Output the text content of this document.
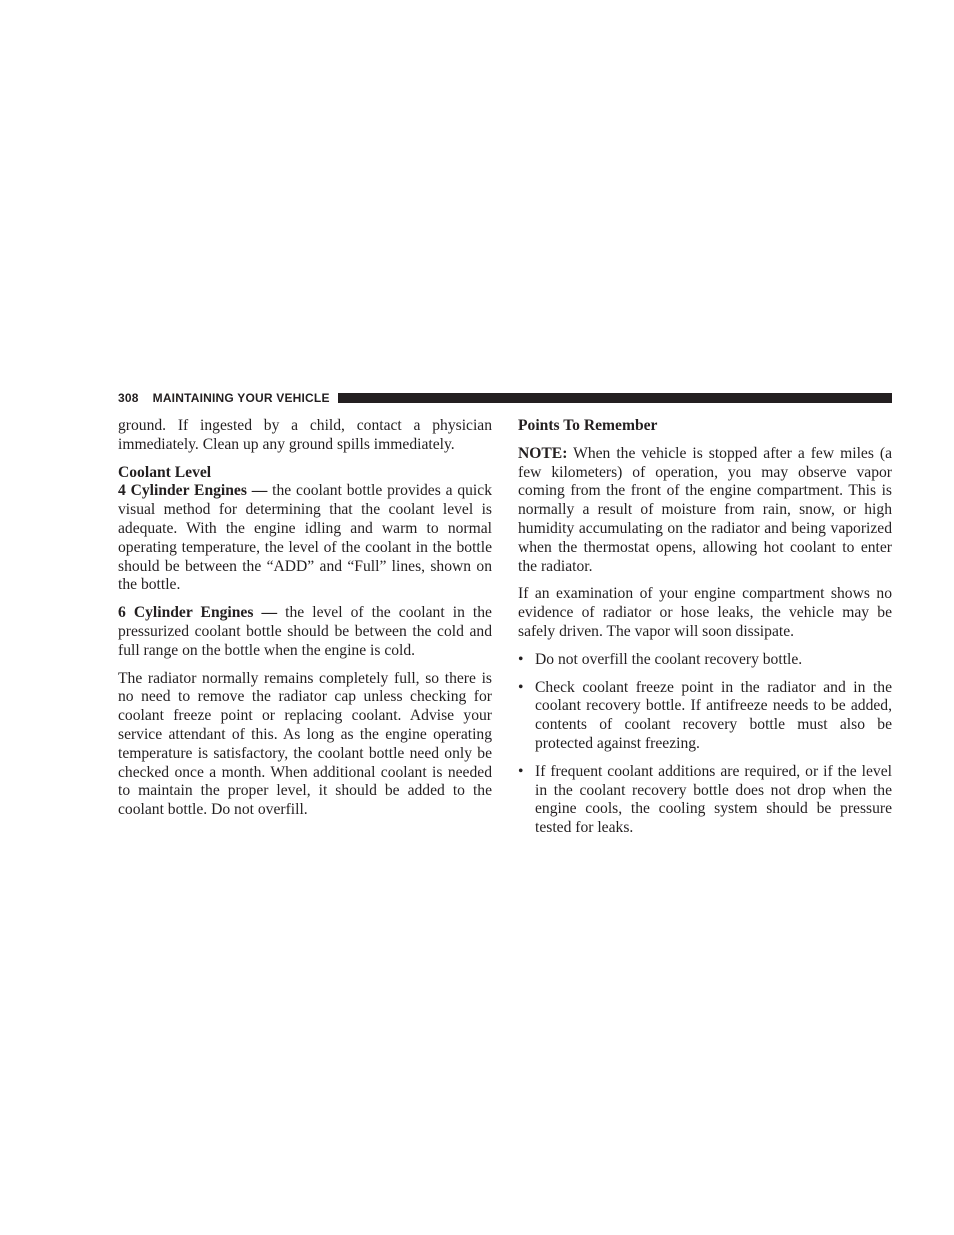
308 MAINTAINING YOUR VEHICLE

ground. If ingested by a child, contact a physician immediately. Clean up any ground spills immediately.

Coolant Level

4 Cylinder Engines — the coolant bottle provides a quick visual method for determining that the coolant level is adequate. With the engine idling and warm to normal operating temperature, the level of the coolant in the bottle should be between the “ADD” and “Full” lines, shown on the bottle.

6 Cylinder Engines — the level of the coolant in the pressurized coolant bottle should be between the cold and full range on the bottle when the engine is cold.

The radiator normally remains completely full, so there is no need to remove the radiator cap unless checking for coolant freeze point or replacing coolant. Advise your service attendant of this. As long as the engine operating temperature is satisfactory, the coolant bottle need only be checked once a month. When additional coolant is needed to maintain the proper level, it should be added to the coolant bottle. Do not overfill.

Points To Remember

NOTE: When the vehicle is stopped after a few miles (a few kilometers) of operation, you may observe vapor coming from the front of the engine compartment. This is normally a result of moisture from rain, snow, or high humidity accumulating on the radiator and being vaporized when the thermostat opens, allowing hot coolant to enter the radiator.

If an examination of your engine compartment shows no evidence of radiator or hose leaks, the vehicle may be safely driven. The vapor will soon dissipate.

• Do not overfill the coolant recovery bottle.
• Check coolant freeze point in the radiator and in the coolant recovery bottle. If antifreeze needs to be added, contents of coolant recovery bottle must also be protected against freezing.
• If frequent coolant additions are required, or if the level in the coolant recovery bottle does not drop when the engine cools, the cooling system should be pressure tested for leaks.
